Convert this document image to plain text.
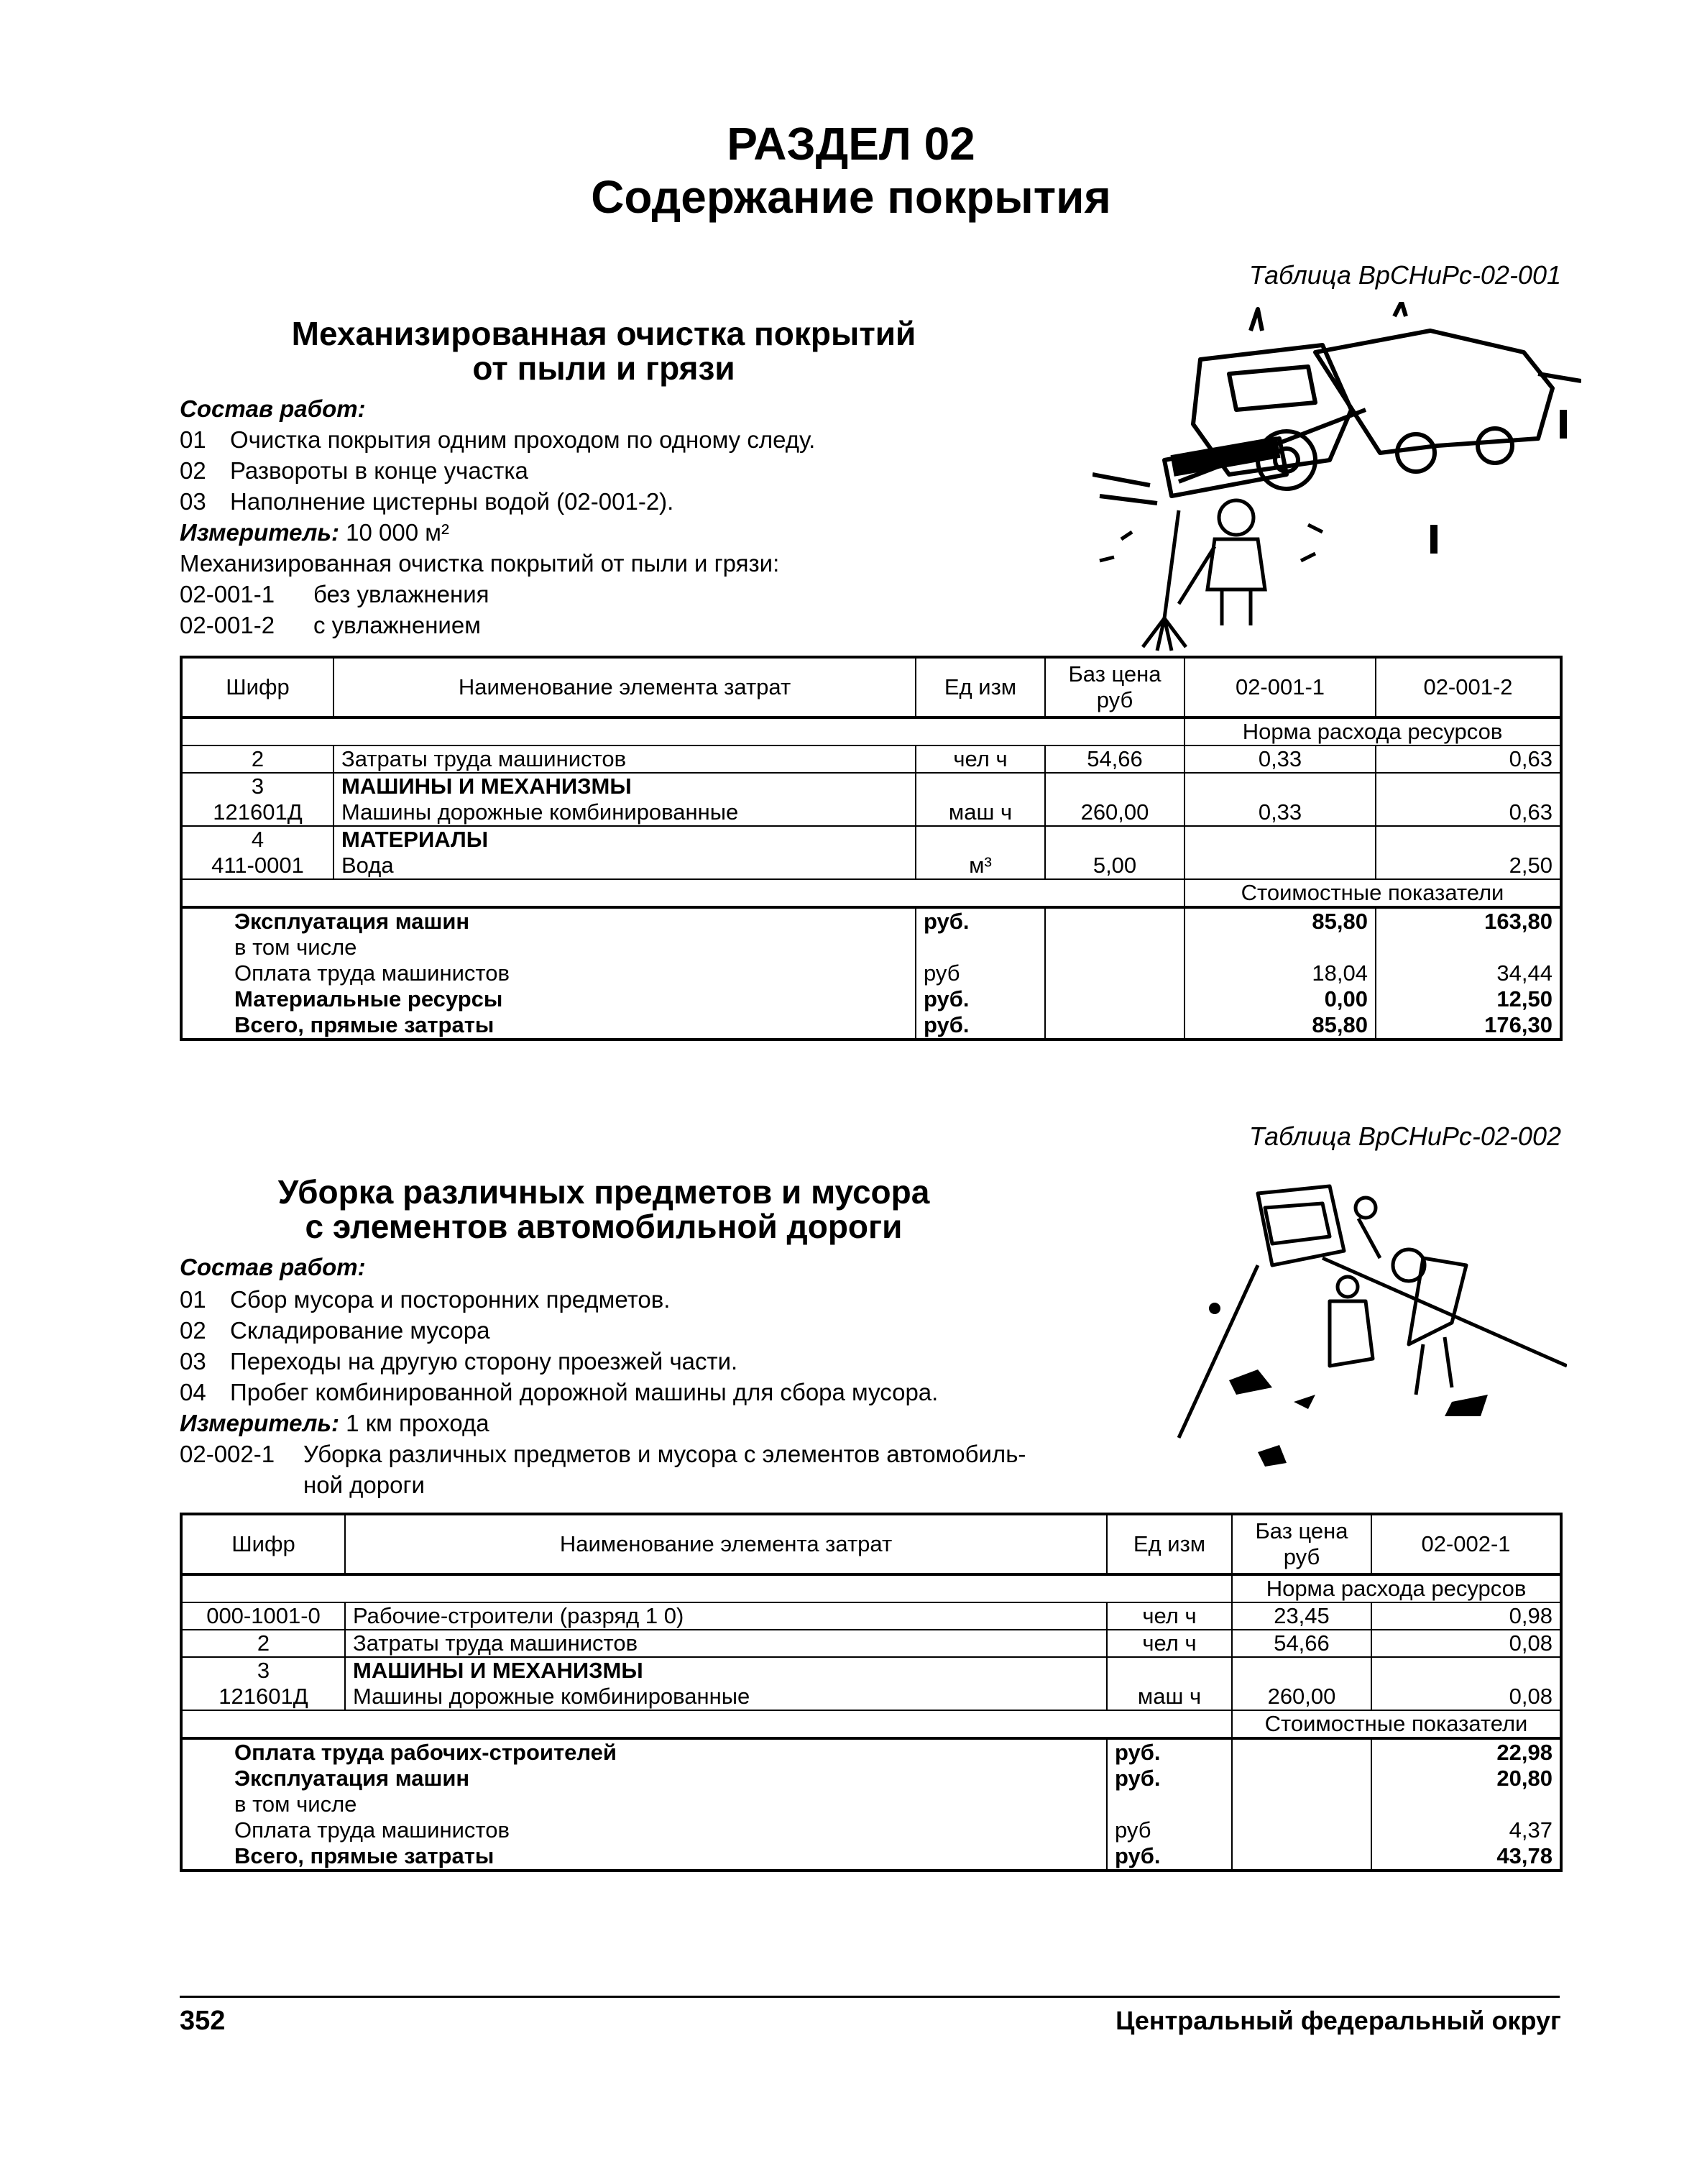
РАЗДЕЛ 02
Содержание покрытия
Таблица ВрСНиРс-02-001
Механизированная очистка покрытий
от пыли и грязи
Состав работ:
01 Очистка покрытия одним проходом по одному следу.
02 Развороты в конце участка
03 Наполнение цистерны водой (02-001-2).
Измеритель: 10 000 м²
Механизированная очистка покрытий от пыли и грязи:
02-001-1 без увлажнения
02-001-2 с увлажнением
Шифр	Наименование элемента затрат	Ед изм	Баз цена руб	02-001-1	02-001-2
				Норма расхода ресурсов	
2	Затраты труда машинистов	чел ч	54,66	0,33	0,63
3	МАШИНЫ И МЕХАНИЗМЫ				
121601Д	Машины дорожные комбинированные	маш ч	260,00	0,33	0,63
4	МАТЕРИАЛЫ				
411-0001	Вода	м³	5,00		2,50
				Стоимостные показатели	
Эксплуатация машин		руб.		85,80	163,80
в том числе					
Оплата труда машинистов		руб		18,04	34,44
Материальные ресурсы		руб.		0,00	12,50
Всего, прямые затраты		руб.		85,80	176,30
Таблица ВрСНиРс-02-002
Уборка различных предметов и мусора
с элементов автомобильной дороги
Состав работ:
01 Сбор мусора и посторонних предметов.
02 Складирование мусора
03 Переходы на другую сторону проезжей части.
04 Пробег комбинированной дорожной машины для сбора мусора.
Измеритель: 1 км прохода
02-002-1 Уборка различных предметов и мусора с элементов автомобиль-
ной дороги
Шифр	Наименование элемента затрат	Ед изм	Баз цена руб	02-002-1
			Норма расхода ресурсов	
000-1001-0	Рабочие-строители (разряд 1 0)	чел ч	23,45	0,98
2	Затраты труда машинистов	чел ч	54,66	0,08
3	МАШИНЫ И МЕХАНИЗМЫ			
121601Д	Машины дорожные комбинированные	маш ч	260,00	0,08
			Стоимостные показатели	
Оплата труда рабочих-строителей		руб.		22,98
Эксплуатация машин		руб.		20,80
в том числе				
Оплата труда машинистов		руб		4,37
Всего, прямые затраты		руб.		43,78
352	Центральный федеральный округ
